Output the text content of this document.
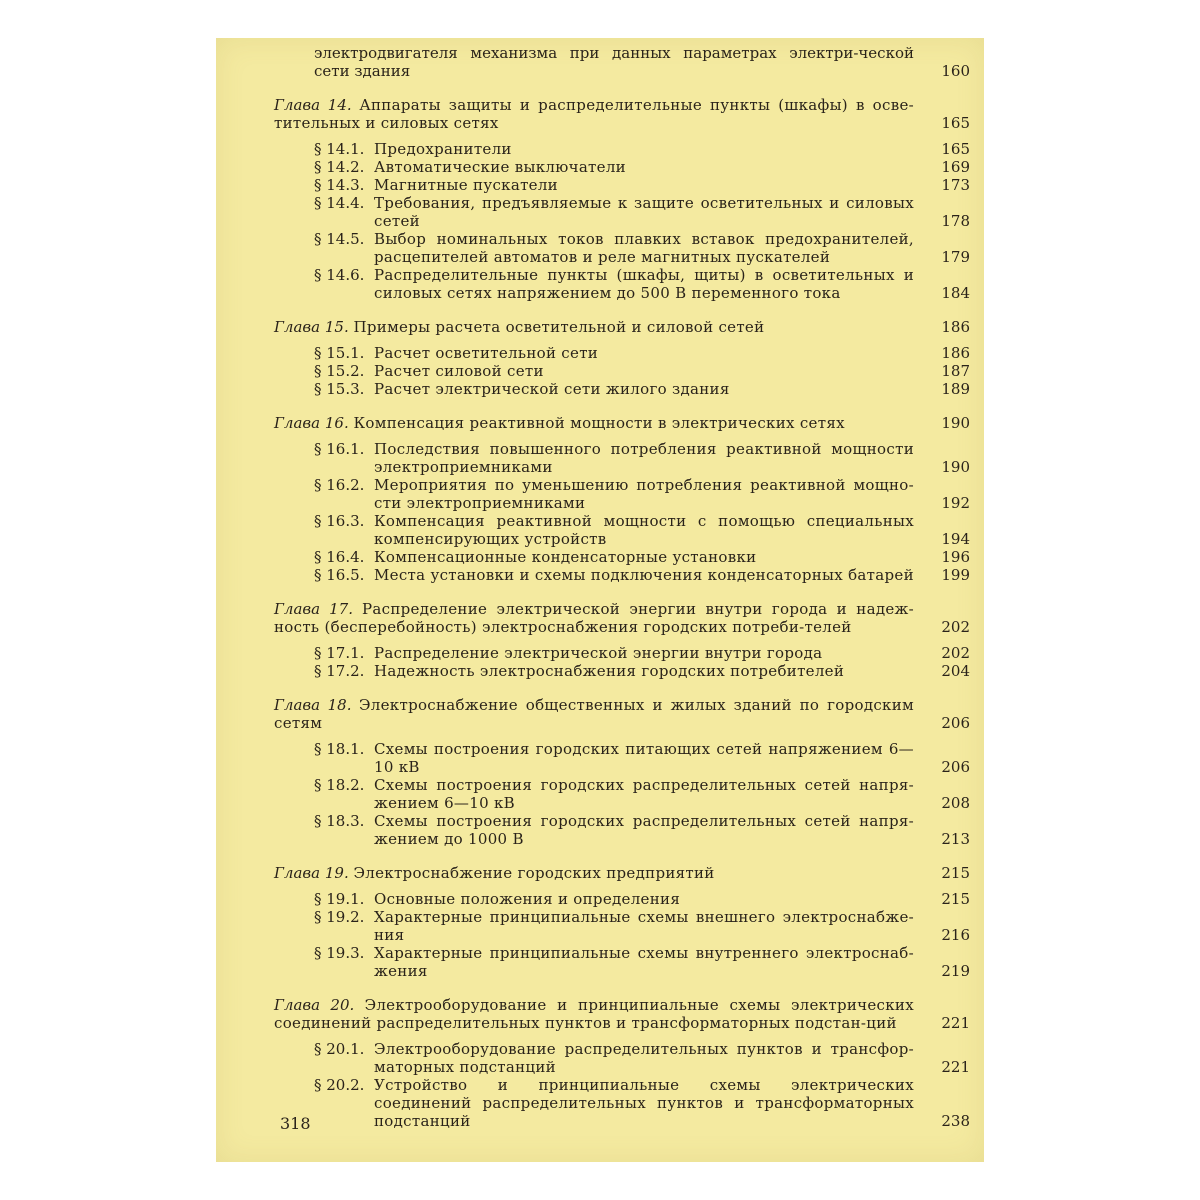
электродвигателя механизма при данных параметрах электри-ческой сети здания	160
Глава 14. Аппараты защиты и распределительные пункты (шкафы) в осве-тительных и силовых сетях	165
§ 14.1. Предохранители	165
§ 14.2. Автоматические выключатели	169
§ 14.3. Магнитные пускатели	173
§ 14.4. Требования, предъявляемые к защите осветительных и силовых сетей	178
§ 14.5. Выбор номинальных токов плавких вставок предохранителей, расцепителей автоматов и реле магнитных пускателей	179
§ 14.6. Распределительные пункты (шкафы, щиты) в осветительных и силовых сетях напряжением до 500 В переменного тока	184
Глава 15. Примеры расчета осветительной и силовой сетей	186
§ 15.1. Расчет осветительной сети	186
§ 15.2. Расчет силовой сети	187
§ 15.3. Расчет электрической сети жилого здания	189
Глава 16. Компенсация реактивной мощности в электрических сетях	190
§ 16.1. Последствия повышенного потребления реактивной мощности электроприемниками	190
§ 16.2. Мероприятия по уменьшению потребления реактивной мощно-сти электроприемниками	192
§ 16.3. Компенсация реактивной мощности с помощью специальных компенсирующих устройств	194
§ 16.4. Компенсационные конденсаторные установки	196
§ 16.5. Места установки и схемы подключения конденсаторных батарей	199
Глава 17. Распределение электрической энергии внутри города и надеж-ность (бесперебойность) электроснабжения городских потреби-телей	202
§ 17.1. Распределение электрической энергии внутри города	202
§ 17.2. Надежность электроснабжения городских потребителей	204
Глава 18. Электроснабжение общественных и жилых зданий по городским сетям	206
§ 18.1. Схемы построения городских питающих сетей напряжением 6—10 кВ	206
§ 18.2. Схемы построения городских распределительных сетей напря-жением 6—10 кВ	208
§ 18.3. Схемы построения городских распределительных сетей напря-жением до 1000 В	213
Глава 19. Электроснабжение городских предприятий	215
§ 19.1. Основные положения и определения	215
§ 19.2. Характерные принципиальные схемы внешнего электроснабже-ния	216
§ 19.3. Характерные принципиальные схемы внутреннего электроснаб-жения	219
Глава 20. Электрооборудование и принципиальные схемы электрических соединений распределительных пунктов и трансформаторных подстан-ций	221
§ 20.1. Электрооборудование распределительных пунктов и трансфор-маторных подстанций	221
§ 20.2. Устройство и принципиальные схемы электрических соединений распределительных пунктов и трансформаторных подстанций	238
318
